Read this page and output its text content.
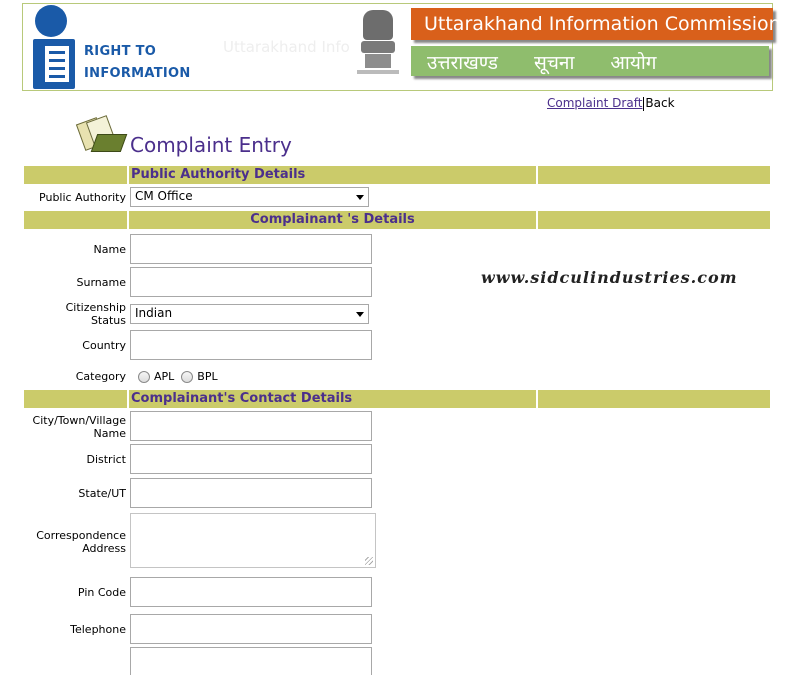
RIGHT TO
INFORMATION
Uttarakhand Info
Uttarakhand Information Commission
उत्तराखण्ड सूचना आयोग
Complaint Draft Back
Complaint Entry
Public Authority Details
Public Authority CM Office
Complainant 's Details
Name
Surname
Citizenship
Status
Indian
Country
Category	APL BPL
www.sidculindustries.com
Complainant's Contact Details
City/Town/Village
Name
District
State/UT
Correspondence
Address
Pin Code
Telephone
